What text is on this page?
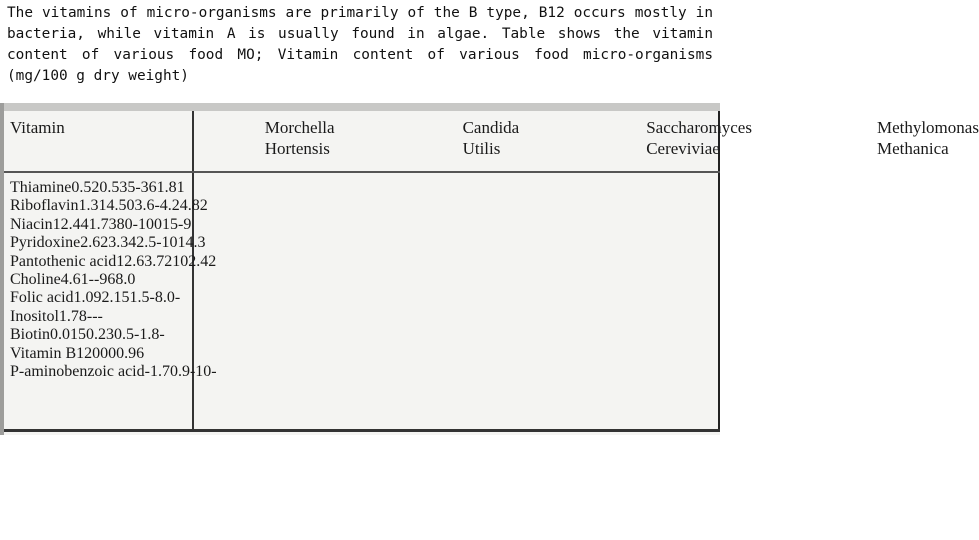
The vitamins of micro-organisms are primarily of the B type, B12 occurs mostly in bacteria, while vitamin A is usually found in algae. Table shows the vitamin content of various food MO; Vitamin content of various food micro-organisms (mg/100 g dry weight)

Vitamin	Morchella
Hortensis
Candida
Utilis
Saccharomyces
Cereviviae
Methylomonas
Methanica
Thiamine0.520.535-361.81
Riboflavin1.314.503.6-4.24.82
Niacin12.441.7380-10015-9
Pyridoxine2.623.342.5-1014.3
Pantothenic acid12.63.72102.42
Choline4.61--968.0
Folic acid1.092.151.5-8.0-
Inositol1.78---
Biotin0.0150.230.5-1.8-
Vitamin B120000.96
P-aminobenzoic acid-1.70.9-10-
